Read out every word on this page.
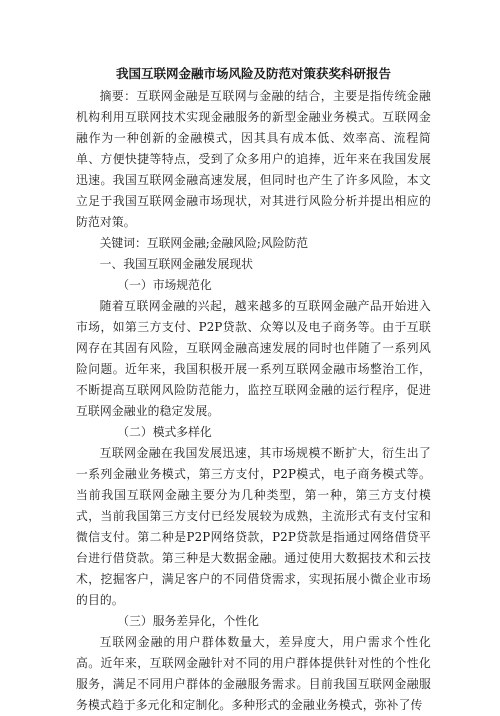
我国互联网金融市场风险及防范对策获奖科研报告

摘要：互联网金融是互联网与金融的结合，主要是指传统金融机构利用互联网技术实现金融服务的新型金融业务模式。互联网金融作为一种创新的金融模式，因其具有成本低、效率高、流程简单、方便快捷等特点，受到了众多用户的追捧，近年来在我国发展迅速。我国互联网金融高速发展，但同时也产生了许多风险，本文立足于我国互联网金融市场现状，对其进行风险分析并提出相应的防范对策。

关键词：互联网金融;金融风险;风险防范

一、我国互联网金融发展现状

（一）市场规范化

随着互联网金融的兴起，越来越多的互联网金融产品开始进入市场，如第三方支付、P2P贷款、众筹以及电子商务等。由于互联网存在其固有风险，互联网金融高速发展的同时也伴随了一系列风险问题。近年来，我国积极开展一系列互联网金融市场整治工作，不断提高互联网风险防范能力，监控互联网金融的运行程序，促进互联网金融业的稳定发展。

（二）模式多样化

互联网金融在我国发展迅速，其市场规模不断扩大，衍生出了一系列金融业务模式，第三方支付，P2P模式，电子商务模式等。当前我国互联网金融主要分为几种类型，第一种，第三方支付模式，当前我国第三方支付已经发展较为成熟，主流形式有支付宝和微信支付。第二种是P2P网络贷款，P2P贷款是指通过网络借贷平台进行借贷款。第三种是大数据金融。通过使用大数据技术和云技术，挖掘客户，满足客户的不同借贷需求，实现拓展小微企业市场的目的。

（三）服务差异化，个性化

互联网金融的用户群体数量大，差异度大，用户需求个性化高。近年来，互联网金融针对不同的用户群体提供针对性的个性化服务，满足不同用户群体的金融服务需求。目前我国互联网金融服务模式趋于多元化和定制化。多种形式的金融业务模式，弥补了传
